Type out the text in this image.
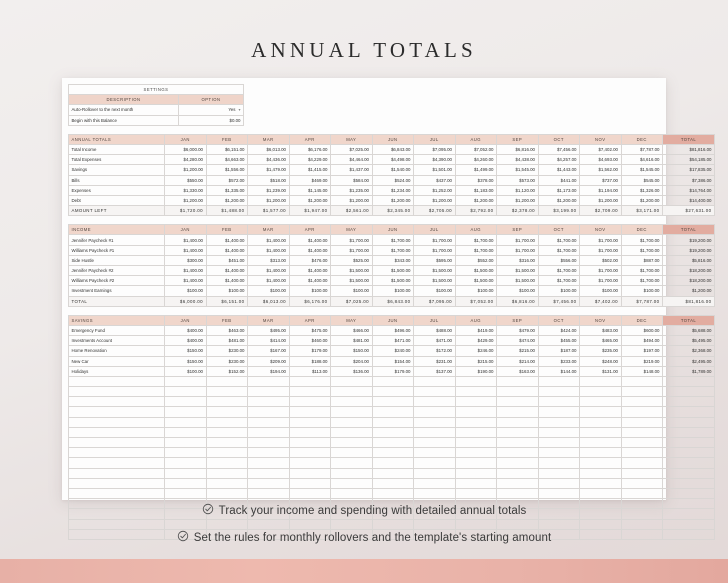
ANNUAL TOTALS
SETTINGS	
DESCRIPTION	OPTION
Auto-Rollover to the next month	Yes ▾
Begin with this Balance	$0.00
ANNUAL TOTALS	JAN	FEB	MAR	APR	MAY	JUN	JUL	AUG	SEP	OCT	NOV	DEC	TOTAL
Total Income	$6,000.00	$6,151.00	$6,013.00	$6,176.00	$7,025.00	$6,843.00	$7,095.00	$7,052.00	$6,816.00	$7,456.00	$7,402.00	$7,787.00	$81,816.00
Total Expenses	$4,280.00	$4,663.00	$4,436.00	$4,229.00	$4,464.00	$4,498.00	$4,390.00	$4,260.00	$4,438.00	$4,257.00	$4,693.00	$4,616.00	$54,185.00
Savings	$1,200.00	$1,556.00	$1,479.00	$1,415.00	$1,437.00	$1,540.00	$1,501.00	$1,499.00	$1,545.00	$1,443.00	$1,562.00	$1,545.00	$17,835.00
Bills	$550.00	$572.00	$518.00	$469.00	$584.00	$524.00	$437.00	$378.00	$573.00	$441.00	$737.00	$545.00	$7,386.00
Expenses	$1,330.00	$1,335.00	$1,239.00	$1,145.00	$1,235.00	$1,234.00	$1,252.00	$1,183.00	$1,120.00	$1,173.00	$1,194.00	$1,326.00	$14,764.00
Debt	$1,200.00	$1,200.00	$1,200.00	$1,200.00	$1,200.00	$1,200.00	$1,200.00	$1,200.00	$1,200.00	$1,200.00	$1,200.00	$1,200.00	$14,400.00
AMOUNT LEFT	$1,720.00	$1,488.00	$1,577.00	$1,947.00	$2,561.00	$2,345.00	$2,705.00	$2,792.00	$2,378.00	$3,199.00	$2,709.00	$3,171.00	$27,631.00
INCOME	JAN	FEB	MAR	APR	MAY	JUN	JUL	AUG	SEP	OCT	NOV	DEC	TOTAL
Jennifer Paycheck #1	$1,400.00	$1,400.00	$1,400.00	$1,400.00	$1,700.00	$1,700.00	$1,700.00	$1,700.00	$1,700.00	$1,700.00	$1,700.00	$1,700.00	$19,200.00
Williams Paycheck #1	$1,400.00	$1,400.00	$1,400.00	$1,400.00	$1,700.00	$1,700.00	$1,700.00	$1,700.00	$1,700.00	$1,700.00	$1,700.00	$1,700.00	$19,200.00
Side Hustle	$300.00	$451.00	$313.00	$476.00	$525.00	$343.00	$595.00	$552.00	$316.00	$556.00	$502.00	$887.00	$5,816.00
Jennifer Paycheck #2	$1,400.00	$1,400.00	$1,400.00	$1,400.00	$1,500.00	$1,500.00	$1,500.00	$1,500.00	$1,500.00	$1,700.00	$1,700.00	$1,700.00	$18,200.00
Williams Paycheck #2	$1,400.00	$1,400.00	$1,400.00	$1,400.00	$1,500.00	$1,500.00	$1,500.00	$1,500.00	$1,500.00	$1,700.00	$1,700.00	$1,700.00	$18,200.00
Investment Earnings	$100.00	$100.00	$100.00	$100.00	$100.00	$100.00	$100.00	$100.00	$100.00	$100.00	$100.00	$100.00	$1,200.00
TOTAL	$6,000.00	$6,151.00	$6,013.00	$6,176.00	$7,025.00	$6,843.00	$7,095.00	$7,052.00	$6,816.00	$7,456.00	$7,402.00	$7,787.00	$81,816.00
SAVINGS	JAN	FEB	MAR	APR	MAY	JUN	JUL	AUG	SEP	OCT	NOV	DEC	TOTAL
Emergency Fund	$400.00	$463.00	$495.00	$475.00	$466.00	$496.00	$488.00	$419.00	$479.00	$424.00	$483.00	$600.00	$5,688.00
Investments Account	$400.00	$481.00	$414.00	$460.00	$481.00	$471.00	$471.00	$429.00	$474.00	$455.00	$465.00	$494.00	$5,495.00
Home Renovation	$150.00	$230.00	$167.00	$179.00	$150.00	$240.00	$172.00	$246.00	$215.00	$187.00	$235.00	$197.00	$2,368.00
New Car	$150.00	$230.00	$209.00	$188.00	$204.00	$154.00	$231.00	$215.00	$214.00	$233.00	$248.00	$219.00	$2,495.00
Holidays	$100.00	$152.00	$194.00	$113.00	$136.00	$179.00	$137.00	$190.00	$163.00	$144.00	$131.00	$148.00	$1,789.00

Track your income and spending with detailed annual totals

Set the rules for monthly rollovers and the template's starting amount
